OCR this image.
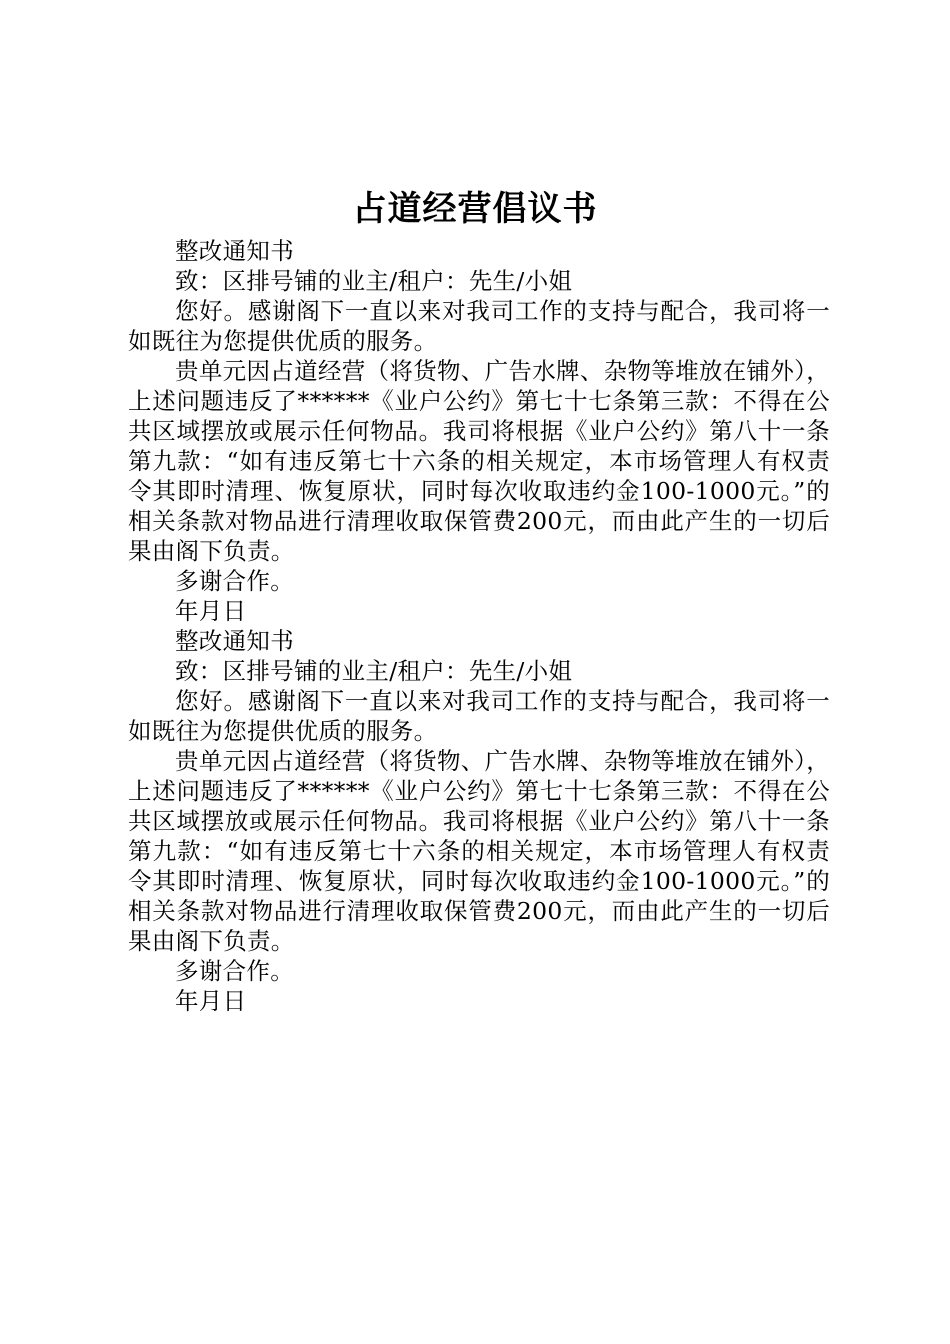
占道经营倡议书

整改通知书

致：区排号铺的业主/租户：先生/小姐

您好。感谢阁下一直以来对我司工作的支持与配合，我司将一如既往为您提供优质的服务。

贵单元因占道经营（将货物、广告水牌、杂物等堆放在铺外），上述问题违反了******《业户公约》第七十七条第三款：不得在公共区域摆放或展示任何物品。我司将根据《业户公约》第八十一条第九款：“如有违反第七十六条的相关规定，本市场管理人有权责令其即时清理、恢复原状，同时每次收取违约金100-1000元。”的相关条款对物品进行清理收取保管费200元，而由此产生的一切后果由阁下负责。

多谢合作。

年月日

整改通知书

致：区排号铺的业主/租户：先生/小姐

您好。感谢阁下一直以来对我司工作的支持与配合，我司将一如既往为您提供优质的服务。

贵单元因占道经营（将货物、广告水牌、杂物等堆放在铺外），上述问题违反了******《业户公约》第七十七条第三款：不得在公共区域摆放或展示任何物品。我司将根据《业户公约》第八十一条第九款：“如有违反第七十六条的相关规定，本市场管理人有权责令其即时清理、恢复原状，同时每次收取违约金100-1000元。”的相关条款对物品进行清理收取保管费200元，而由此产生的一切后果由阁下负责。

多谢合作。

年月日
